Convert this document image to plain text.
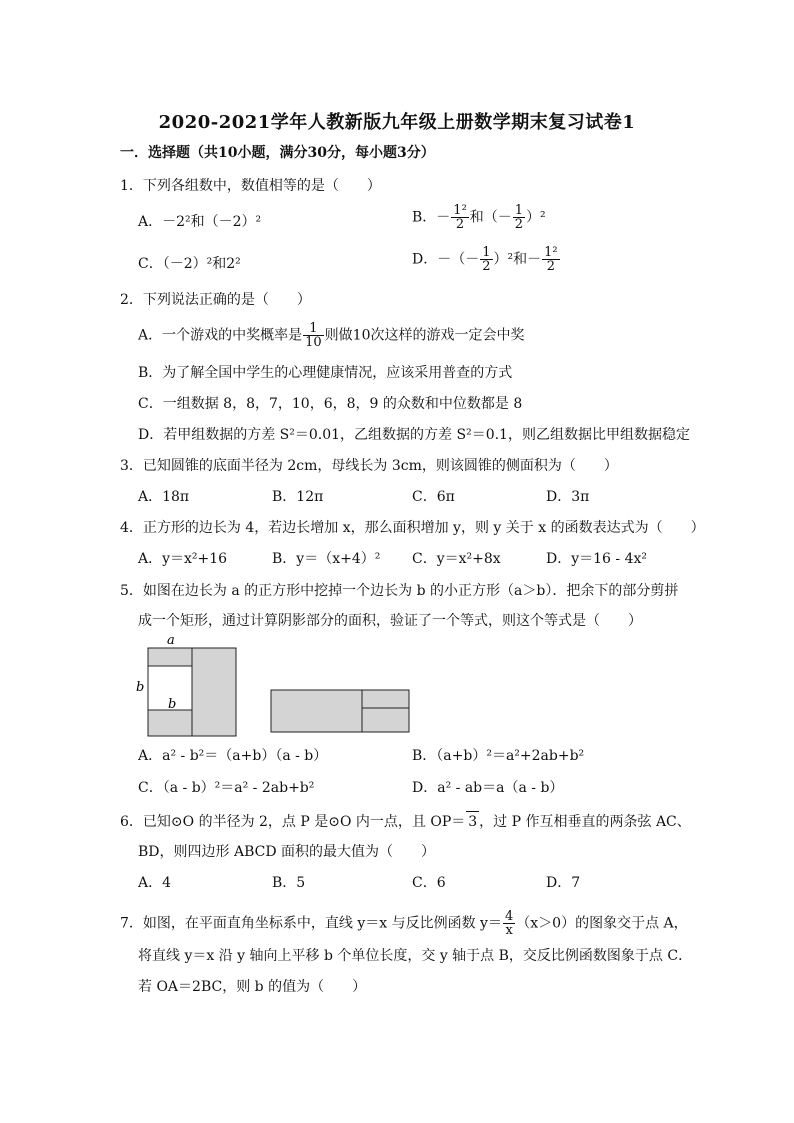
2020-2021学年人教新版九年级上册数学期末复习试卷1
一．选择题（共10小题，满分30分，每小题3分）
1．下列各组数中，数值相等的是（　　）
A．－2²和（－2）²	B．－ $\frac{\text{1²}}{2}$ 和（－ $\frac{1}{2} )^2$
C．（－2）²和2²	D．－（－ $\frac{1}{2} )^2$和－ $\frac{\text{1²}}{2}$
2．下列说法正确的是（　　）
A．一个游戏的中奖概率是 $\frac{1}{10}$ 则做10次这样的游戏一定会中奖
B．为了解全国中学生的心理健康情况，应该采用普查的方式
C．一组数据 8，8，7，10，6，8，9 的众数和中位数都是 8
D．若甲组数据的方差 S²＝0.01，乙组数据的方差 S²＝0.1，则乙组数据比甲组数据稳定
3．已知圆锥的底面半径为 2cm，母线长为 3cm，则该圆锥的侧面积为（　　）
A．18π	B．12π	C．6π	D．3π
4．正方形的边长为 4，若边长增加 x，那么面积增加 y，则 y 关于 x 的函数表达式为（　　）
A．y＝x²+16	B．y＝（x+4）² C．y＝x²+8x	D．y＝16 - 4x²
5．如图在边长为 a 的正方形中挖掉一个边长为 b 的小正方形（a＞b）．把余下的部分剪拼
成一个矩形，通过计算阴影部分的面积，验证了一个等式，则这个等式是（　　）
a
b
b
A．a² - b²＝（a+b）（a - b）	B．（a+b）²＝a²+2ab+b²
C．（a - b）²＝a² - 2ab+b²	D．a² - ab＝a（a - b）
6．已知⊙O 的半径为 2，点 P 是⊙O 内一点，且 OP＝ 3 ，过 P 作互相垂直的两条弦 AC、
BD，则四边形 ABCD 面积的最大值为（　　）
A．4	B．5	C．6	D．7
7．如图，在平面直角坐标系中，直线 y＝x 与反比例函数 $y= \frac{4}{x} (x>0)$的图象交于点 A，
将直线 y＝x 沿 y 轴向上平移 b 个单位长度，交 y 轴于点 B，交反比例函数图象于点 C．
若 OA＝2BC，则 b 的值为（　　）
